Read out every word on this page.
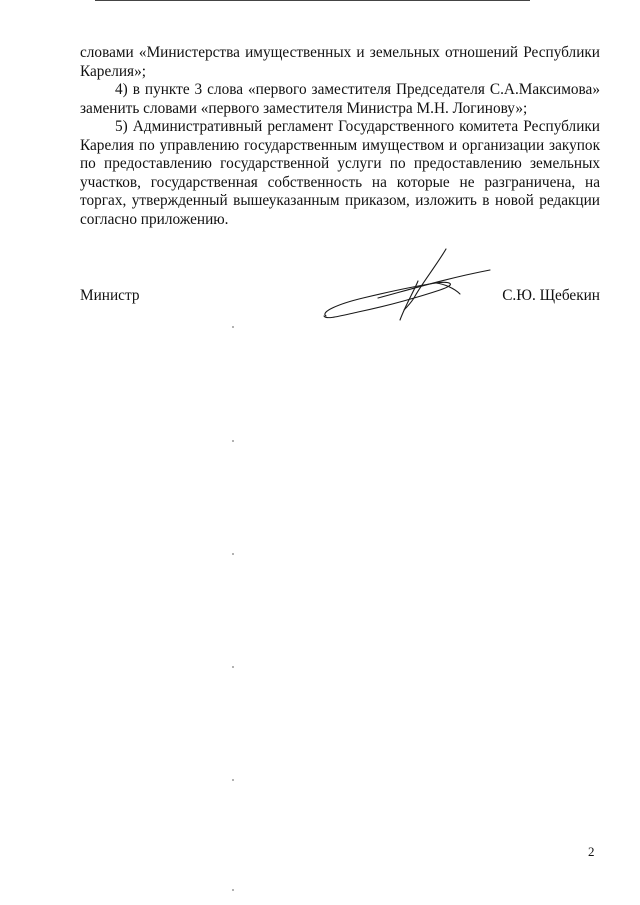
словами «Министерства имущественных и земельных отношений Республики Карелия»;

4) в пункте 3 слова «первого заместителя Председателя С.А.Максимова» заменить словами «первого заместителя Министра М.Н. Логинову»;

5) Административный регламент Государственного комитета Республики Карелия по управлению государственным имуществом и организации закупок по предоставлению государственной услуги по предоставлению земельных участков, государственная собственность на которые не разграничена, на торгах, утвержденный вышеуказанным приказом, изложить в новой редакции согласно приложению.

Министр	С.Ю. Щебекин
2
